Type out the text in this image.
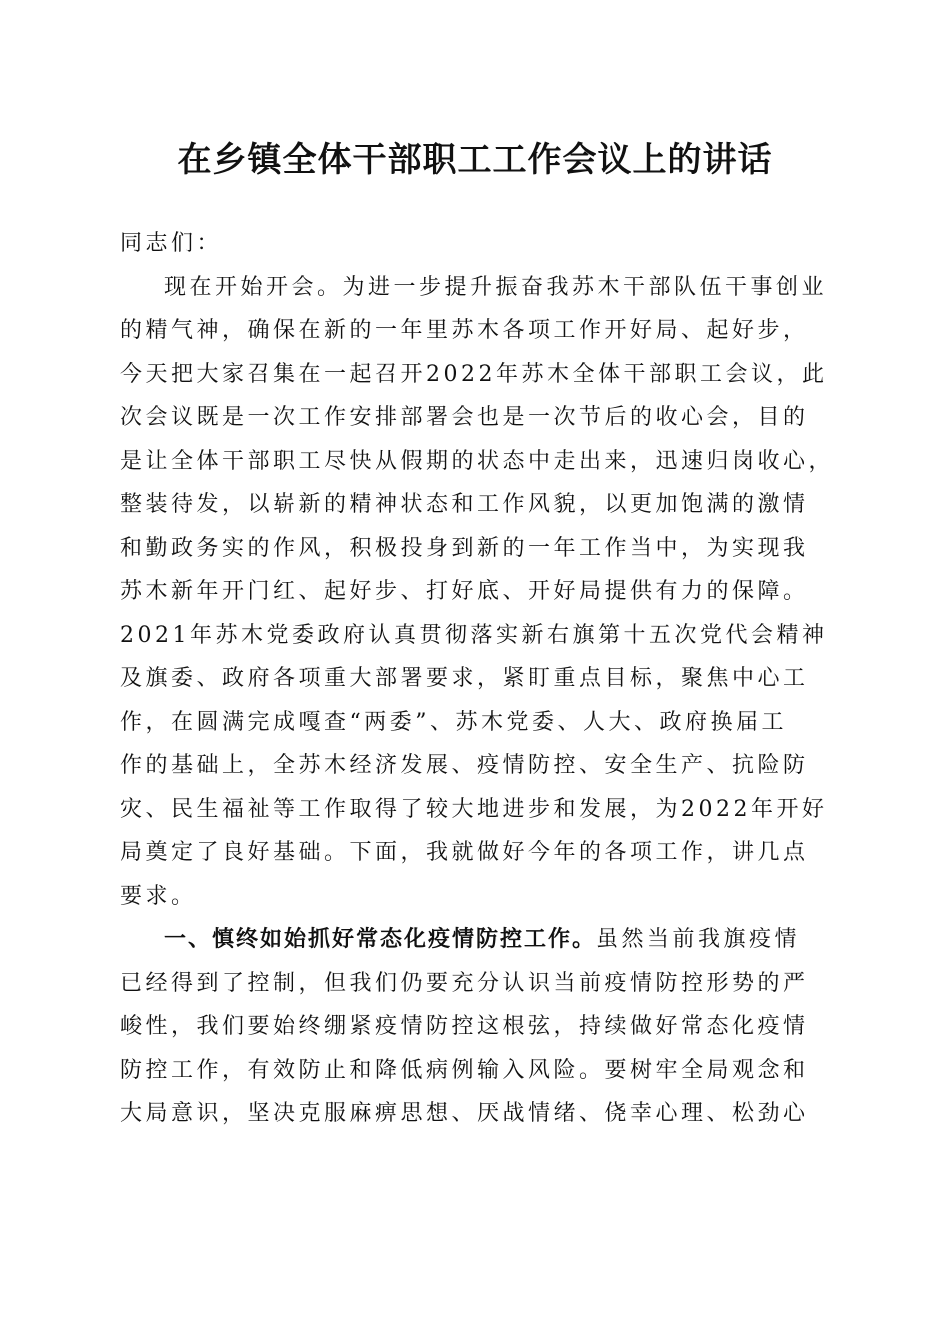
在乡镇全体干部职工工作会议上的讲话
同志们：
现在开始开会。为进一步提升振奋我苏木干部队伍干事创业
的精气神，确保在新的一年里苏木各项工作开好局、起好步，
今天把大家召集在一起召开2022年苏木全体干部职工会议，此
次会议既是一次工作安排部署会也是一次节后的收心会，目的
是让全体干部职工尽快从假期的状态中走出来，迅速归岗收心，
整装待发，以崭新的精神状态和工作风貌，以更加饱满的激情
和勤政务实的作风，积极投身到新的一年工作当中，为实现我
苏木新年开门红、起好步、打好底、开好局提供有力的保障。
2021年苏木党委政府认真贯彻落实新右旗第十五次党代会精神
及旗委、政府各项重大部署要求，紧盯重点目标，聚焦中心工
作，在圆满完成嘎查“两委”、苏木党委、人大、政府换届工
作的基础上，全苏木经济发展、疫情防控、安全生产、抗险防
灾、民生福祉等工作取得了较大地进步和发展，为2022年开好
局奠定了良好基础。下面，我就做好今年的各项工作，讲几点
要求。
一、慎终如始抓好常态化疫情防控工作。虽然当前我旗疫情
已经得到了控制，但我们仍要充分认识当前疫情防控形势的严
峻性，我们要始终绷紧疫情防控这根弦，持续做好常态化疫情
防控工作，有效防止和降低病例输入风险。要树牢全局观念和
大局意识，坚决克服麻痹思想、厌战情绪、侥幸心理、松劲心
